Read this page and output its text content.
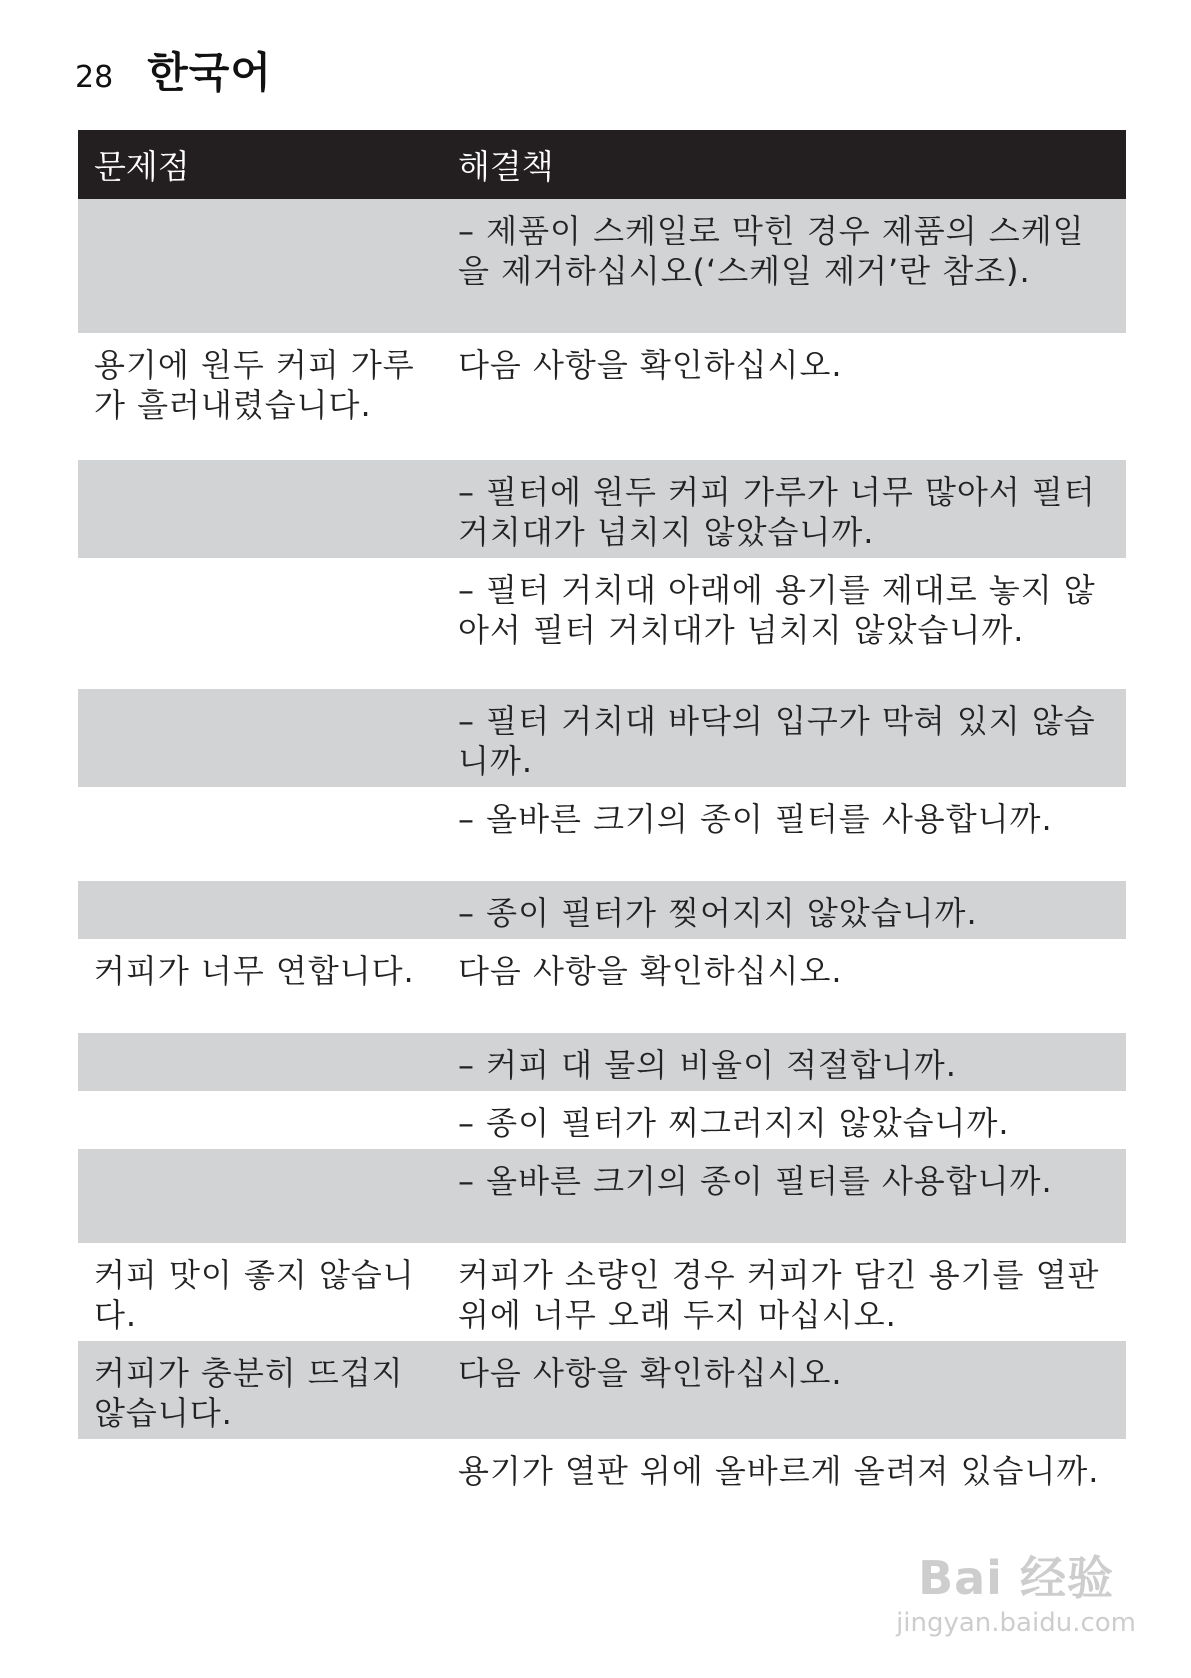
28 한국어
문제점	해결책
– 제품이 스케일로 막힌 경우 제품의 스케일을 제거하십시오(‘스케일 제거’란 참조).
용기에 원두 커피 가루가 흘러내렸습니다.
다음 사항을 확인하십시오.
– 필터에 원두 커피 가루가 너무 많아서 필터 거치대가 넘치지 않았습니까.
– 필터 거치대 아래에 용기를 제대로 놓지 않아서 필터 거치대가 넘치지 않았습니까.
– 필터 거치대 바닥의 입구가 막혀 있지 않습니까.
– 올바른 크기의 종이 필터를 사용합니까.
– 종이 필터가 찢어지지 않았습니까.
커피가 너무 연합니다.	다음 사항을 확인하십시오.
– 커피 대 물의 비율이 적절합니까.
– 종이 필터가 찌그러지지 않았습니까.
– 올바른 크기의 종이 필터를 사용합니까.
커피 맛이 좋지 않습니다.
커피가 소량인 경우 커피가 담긴 용기를 열판 위에 너무 오래 두지 마십시오.
커피가 충분히 뜨겁지 않습니다.
다음 사항을 확인하십시오.
용기가 열판 위에 올바르게 올려져 있습니까.
Bai 经验
jingyan.baidu.com
